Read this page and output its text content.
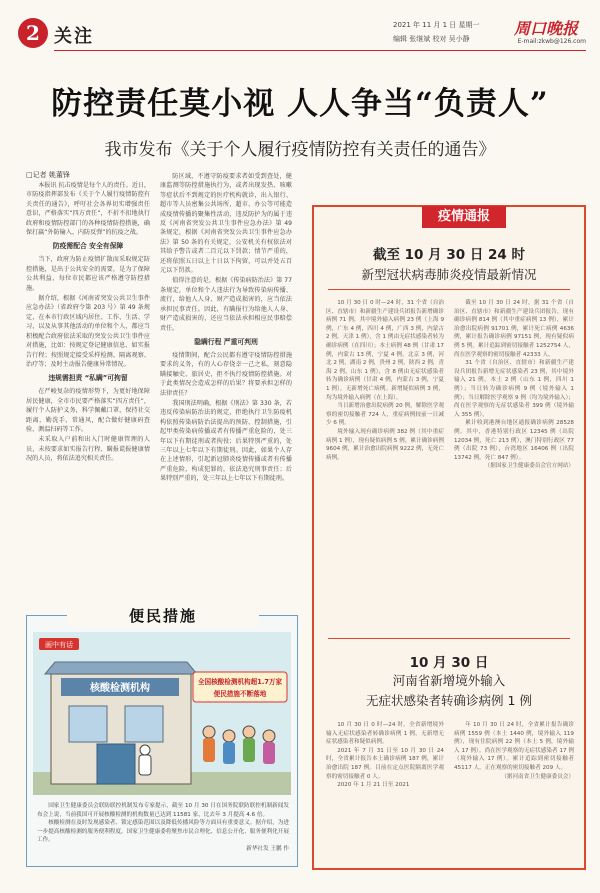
2 关注
2021 年 11 月 1 日 星期一
编辑 张继斌 校对 吴小静
周口晚报
E-mail:zkwb@126.com
防控责任莫小视 人人争当“负责人”
我市发布《关于个人履行疫情防控有关责任的通告》
□记者 姚董锋

本报讯 抗击疫情是每个人的责任。近日，市防疫指挥部发布《关于个人履行疫情防控有关责任的通告》，呼吁社会各界切实增强责任意识，严格落实“四方责任”，不折不扣地执行政府和疫情防控部门的各种疫情防控措施，确保打赢“外防输入、内防反弹”的抗疫之战。

防疫需配合 安全有保障

当下，政府为防止疫情扩散而采取规定防控措施，是出于公共安全的需要，是为了保障公共利益，每位市民都应该严格遵守防控措施。

据介绍，根据《河南省突发公共卫生事件应急办法》（省政府令第 203 号）第 49 条规定，在本市行政区域内居住、工作、生活、学习，以及从事其他活动的单位和个人，都应当积极配合政府依法采取的突发公共卫生事件应对措施，比如：按规定登记健康信息、如实报告行程；按照规定接受采样检测、隔离观察、治疗等；及时主动报告健康异常情况。

违规需担责 “私瞒”可拘留

在严峻复杂的疫情形势下，为更好地保障居民健康，全市市民要严格落实“四方责任”，履行个人防护义务，科学佩戴口罩，保持社交距离，勤洗手、常通风，配合做好健康码查验、测温扫码等工作。

未采取入户前和出入门时健康管理的人员，未按要求如实报告行程、瞒报谎报健康情况的人员，将依法追究相关责任。

防区域，不遵守防疫要求者如受到查处，健康监测等防控措施执行为，或者出现发热、咳嗽等症状后不到规定的医疗机构就诊，出入银行、超市等人员密集公共场所，超市、办公等可能造成疫情传播的聚集性活动，违反防护为的属于违反《河南省突发公共卫生事件应急办法》第 49 条规定，根据《河南省突发公共卫生事件应急办法》第 50 条的有关规定，公安机关有权依法对其给予警告或者二百元以下罚款；情节严重的，还将依照五日以上十日以下拘留，可以并处五百元以下罚款。

值得注意的是，根据《传染病防治法》第 77 条规定，单位和个人违法行为导致传染病传播、流行，给他人人身、财产造成损害的，应当依法承担民事责任。因此，有瞒报行为给他人人身、财产造成损害的，还应当依法承担相应民事赔偿责任。

隐瞒行程 严重可判刑

疫情期间，配合公民都有遵守疫情防控措施要求的义务，有的人心存侥幸一己之私，刻意隐瞒接触史、旅居史，拒不执行疫情防控措施。对于此类情况会造成怎样的后果？将要承担怎样的法律责任？

我国刑法明确，根据《刑法》第 330 条，若违反传染病防治法的规定，拒绝执行卫生防疫机构依照传染病防治法提出的预防、控制措施，引起甲类传染病传播或者有传播严重危险的，处三年以下有期徒刑或者拘役；后果特别严重的，处三年以上七年以下有期徒刑。因此，如果个人存在上述情形，引起新冠肺炎疫情传播或者有传播严重危险，构成犯罪的，依法追究刑事责任；后果特别严重的，处三年以上七年以下有期徒刑。

疫情通报
截至 10 月 30 日 24 时
新型冠状病毒肺炎疫情最新情况

10 月 30 日 0 时—24 时，31 个省（自治区、直辖市）和新疆生产建设兵团报告新增确诊病例 71 例。其中境外输入病例 23 例（上海 9 例，广东 4 例，四川 4 例，广西 3 例，内蒙古 2 例，天津 1 例），含 1 例由无症状感染者转为确诊病例（在四川）；本土病例 48 例（甘肃 17 例，内蒙古 13 例，宁夏 4 例，北京 3 例，河北 2 例，湖南 2 例，贵州 2 例，陕西 2 例，青海 2 例，山东 1 例），含 8 例由无症状感染者转为确诊病例（甘肃 4 例，内蒙古 3 例，宁夏 1 例）。无新增死亡病例。新增疑似病例 3 例，均为境外输入病例（在上海）。

当日新增治愈出院病例 20 例，解除医学观察的密切接触者 724 人，重症病例较前一日减少 6 例。

境外输入现有确诊病例 382 例（其中重症病例 1 例），现有疑似病例 5 例。累计确诊病例 9604 例，累计治愈出院病例 9222 例，无死亡病例。

截至 10 月 30 日 24 时，据 31 个省（自治区、直辖市）和新疆生产建设兵团报告，现有确诊病例 814 例（其中重症病例 13 例），累计治愈出院病例 91701 例，累计死亡病例 4636 例，累计报告确诊病例 97151 例，现有疑似病例 5 例。累计追踪到密切接触者 1252754 人，尚在医学观察的密切接触者 42333 人。

31 个省（自治区、直辖市）和新疆生产建设兵团报告新增无症状感染者 23 例，其中境外输入 21 例，本土 2 例（山东 1 例，四川 1 例）；当日转为确诊病例 9 例（境外输入 1 例）；当日解除医学观察 9 例（均为境外输入）；尚在医学观察的无症状感染者 399 例（境外输入 355 例）。

累计收到港澳台地区通报确诊病例 28528 例。其中，香港特别行政区 12345 例（出院 12034 例，死亡 213 例），澳门特别行政区 77 例（出院 73 例），台湾地区 16406 例（出院 13742 例，死亡 847 例）。

（据国家卫生健康委员会官方网站）

10 月 30 日
河南省新增境外输入
无症状感染者转确诊病例 1 例

10 月 30 日 0 时—24 时，全省新增境外输入无症状感染者转确诊病例 1 例，无新增无症状感染者和疑似病例。

2021 年 7 月 31 日至 10 月 30 日 24 时，全省累计报告本土确诊病例 187 例，累计治愈出院 187 例。目前在定点医院隔离医学观察的密切接触者 0 人。

2020 年 1 月 21 日至 2021

年 10 月 30 日 24 时，全省累计报告确诊病例 1559 例（本土 1440 例，境外输入 119 例），现有住院病例 22 例（本土 5 例，境外输入 17 例）。尚在医学观察的无症状感染者 17 例（境外输入 17 例）。累计追踪到密切接触者 45117 人，正在观察的密切接触者 209 人。

（据河南省卫生健康委员会）

便民措施
画中有话
核酸检测机构
全国核酸检测机构超1.7万家
便民措施不断落地

国家卫生健康委员会联防联控机制发布专家提示，截至 10 月 30 日在国务院联防联控机制新闻发布会上说，当前我国可开展核酸检测的机构数量已达到 11581 家，比去年 3 月提高 4.6 倍。

核酸检测在及时发现感染者、锁定感染范围以及降低传播风险等方面具有重要意义。据介绍，为进一步提高核酸检测的服务便利程度，国家卫生健康委将聚焦市民合理化、信息公开化、服务便利化开展工作。

新华社发 王鹏 作
